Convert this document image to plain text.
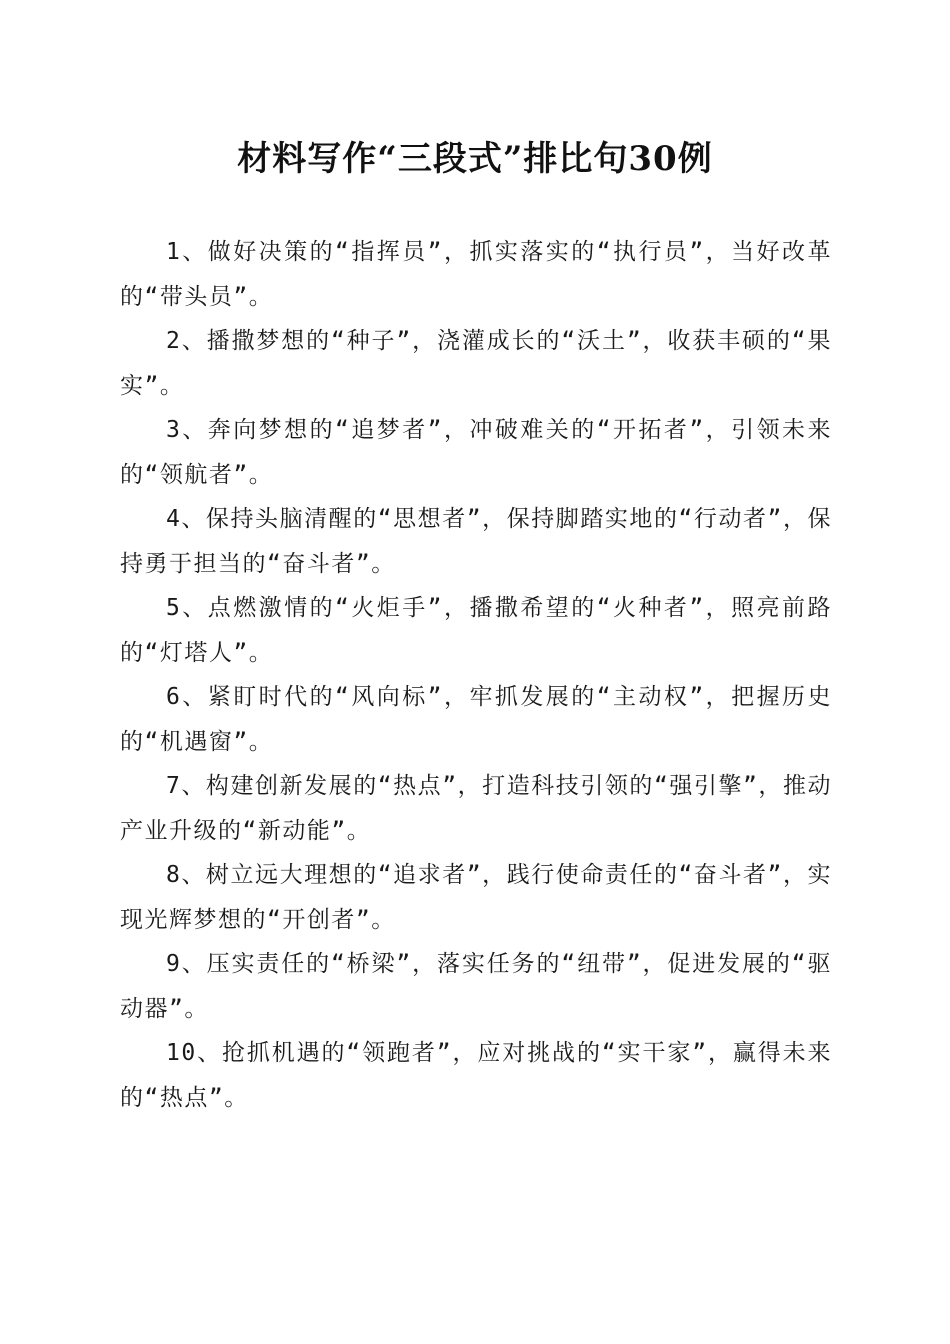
材料写作“三段式”排比句30例

1、做好决策的“指挥员”，抓实落实的“执行员”，当好改革的“带头员”。

2、播撒梦想的“种子”，浇灌成长的“沃土”，收获丰硕的“果实”。

3、奔向梦想的“追梦者”，冲破难关的“开拓者”，引领未来的“领航者”。

4、保持头脑清醒的“思想者”，保持脚踏实地的“行动者”，保持勇于担当的“奋斗者”。

5、点燃激情的“火炬手”，播撒希望的“火种者”，照亮前路的“灯塔人”。

6、紧盯时代的“风向标”，牢抓发展的“主动权”，把握历史的“机遇窗”。

7、构建创新发展的“热点”，打造科技引领的“强引擎”，推动产业升级的“新动能”。

8、树立远大理想的“追求者”，践行使命责任的“奋斗者”，实现光辉梦想的“开创者”。

9、压实责任的“桥梁”，落实任务的“纽带”，促进发展的“驱动器”。

10、抢抓机遇的“领跑者”，应对挑战的“实干家”，赢得未来的“热点”。
